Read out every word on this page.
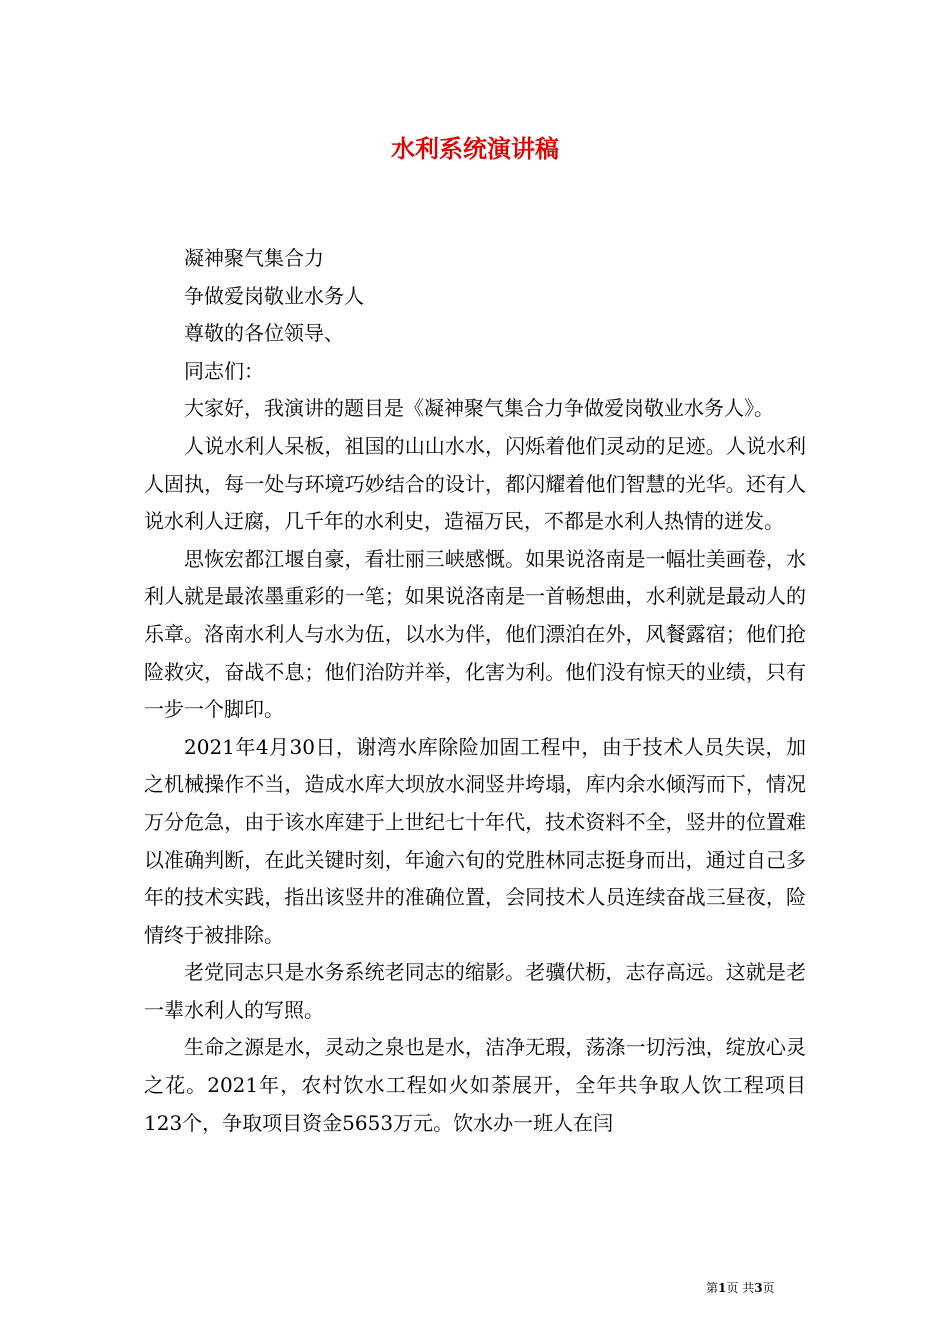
水利系统演讲稿

凝神聚气集合力

争做爱岗敬业水务人

尊敬的各位领导、

同志们：

大家好，我演讲的题目是《凝神聚气集合力争做爱岗敬业水务人》。

人说水利人呆板，祖国的山山水水，闪烁着他们灵动的足迹。人说水利人固执，每一处与环境巧妙结合的设计，都闪耀着他们智慧的光华。还有人说水利人迂腐，几千年的水利史，造福万民，不都是水利人热情的迸发。

思恢宏都江堰自豪，看壮丽三峡感慨。如果说洛南是一幅壮美画卷，水利人就是最浓墨重彩的一笔；如果说洛南是一首畅想曲，水利就是最动人的乐章。洛南水利人与水为伍，以水为伴，他们漂泊在外，风餐露宿；他们抢险救灾，奋战不息；他们治防并举，化害为利。他们没有惊天的业绩，只有一步一个脚印。

2021年4月30日，谢湾水库除险加固工程中，由于技术人员失误，加之机械操作不当，造成水库大坝放水洞竖井垮塌，库内余水倾泻而下，情况万分危急，由于该水库建于上世纪七十年代，技术资料不全，竖井的位置难以准确判断，在此关键时刻，年逾六旬的党胜林同志挺身而出，通过自己多年的技术实践，指出该竖井的准确位置，会同技术人员连续奋战三昼夜，险情终于被排除。

老党同志只是水务系统老同志的缩影。老骥伏枥，志存高远。这就是老一辈水利人的写照。

生命之源是水，灵动之泉也是水，洁净无瑕，荡涤一切污浊，绽放心灵之花。2021年，农村饮水工程如火如荼展开，全年共争取人饮工程项目123个，争取项目资金5653万元。饮水办一班人在闫

第1页 共3页
